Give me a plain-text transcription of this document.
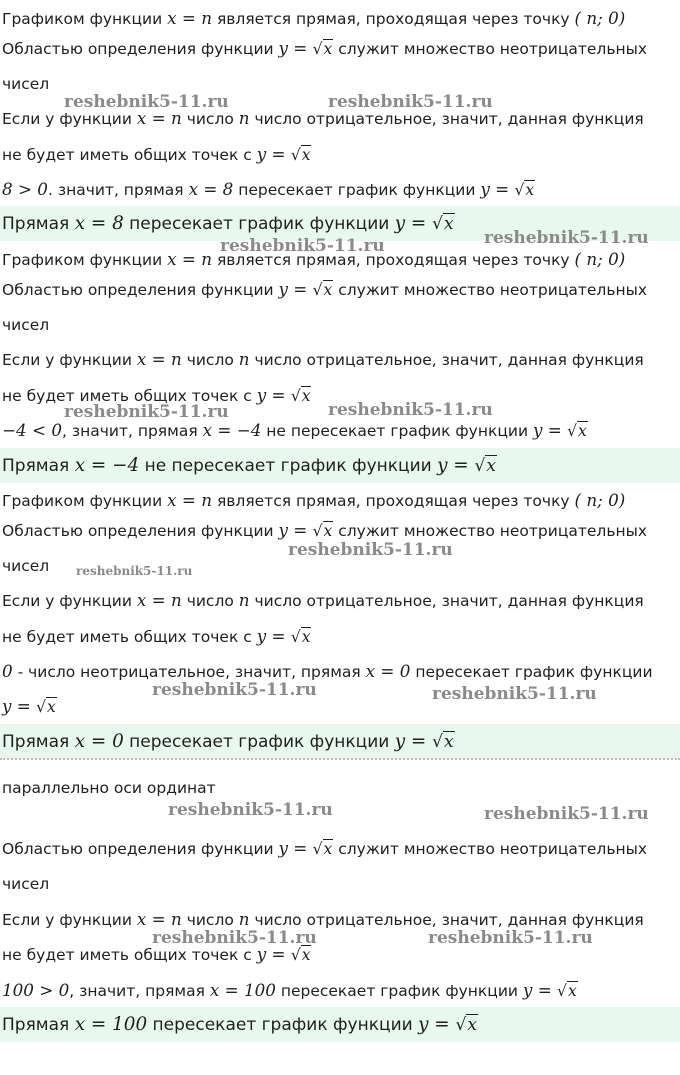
Графиком функции x = n является прямая, проходящая через точку ( n; 0)
Областью определения функции y = √x служит множество неотрицательных
чисел
Если у функции x = n число n число отрицательное, значит, данная функция
не будет иметь общих точек с y = √x
8 > 0. значит, прямая x = 8 пересекает график функции y = √x
Прямая x = 8 пересекает график функции y = √x
Графиком функции x = n является прямая, проходящая через точку ( n; 0)
Областью определения функции y = √x служит множество неотрицательных
чисел
Если у функции x = n число n число отрицательное, значит, данная функция
не будет иметь общих точек с y = √x
−4 < 0, значит, прямая x = −4 не пересекает график функции y = √x
Прямая x = −4 не пересекает график функции y = √x
Графиком функции x = n является прямая, проходящая через точку ( n; 0)
Областью определения функции y = √x служит множество неотрицательных
чисел
Если у функции x = n число n число отрицательное, значит, данная функция
не будет иметь общих точек с y = √x
0 - число неотрицательное, значит, прямая x = 0 пересекает график функции
y = √x
Прямая x = 0 пересекает график функции y = √x
параллельно оси ординат
Областью определения функции y = √x служит множество неотрицательных
чисел
Если у функции x = n число n число отрицательное, значит, данная функция
не будет иметь общих точек с y = √x
100 > 0, значит, прямая x = 100 пересекает график функции y = √x
Прямая x = 100 пересекает график функции y = √x
reshebnik5-11.ru	reshebnik5-11.ru
reshebnik5-11.ru	reshebnik5-11.ru
reshebnik5-11.ru	reshebnik5-11.ru
reshebnik5-11.ru
reshebnik5-11.ru
reshebnik5-11.ru	reshebnik5-11.ru
reshebnik5-11.ru	reshebnik5-11.ru
reshebnik5-11.ru	reshebnik5-11.ru
